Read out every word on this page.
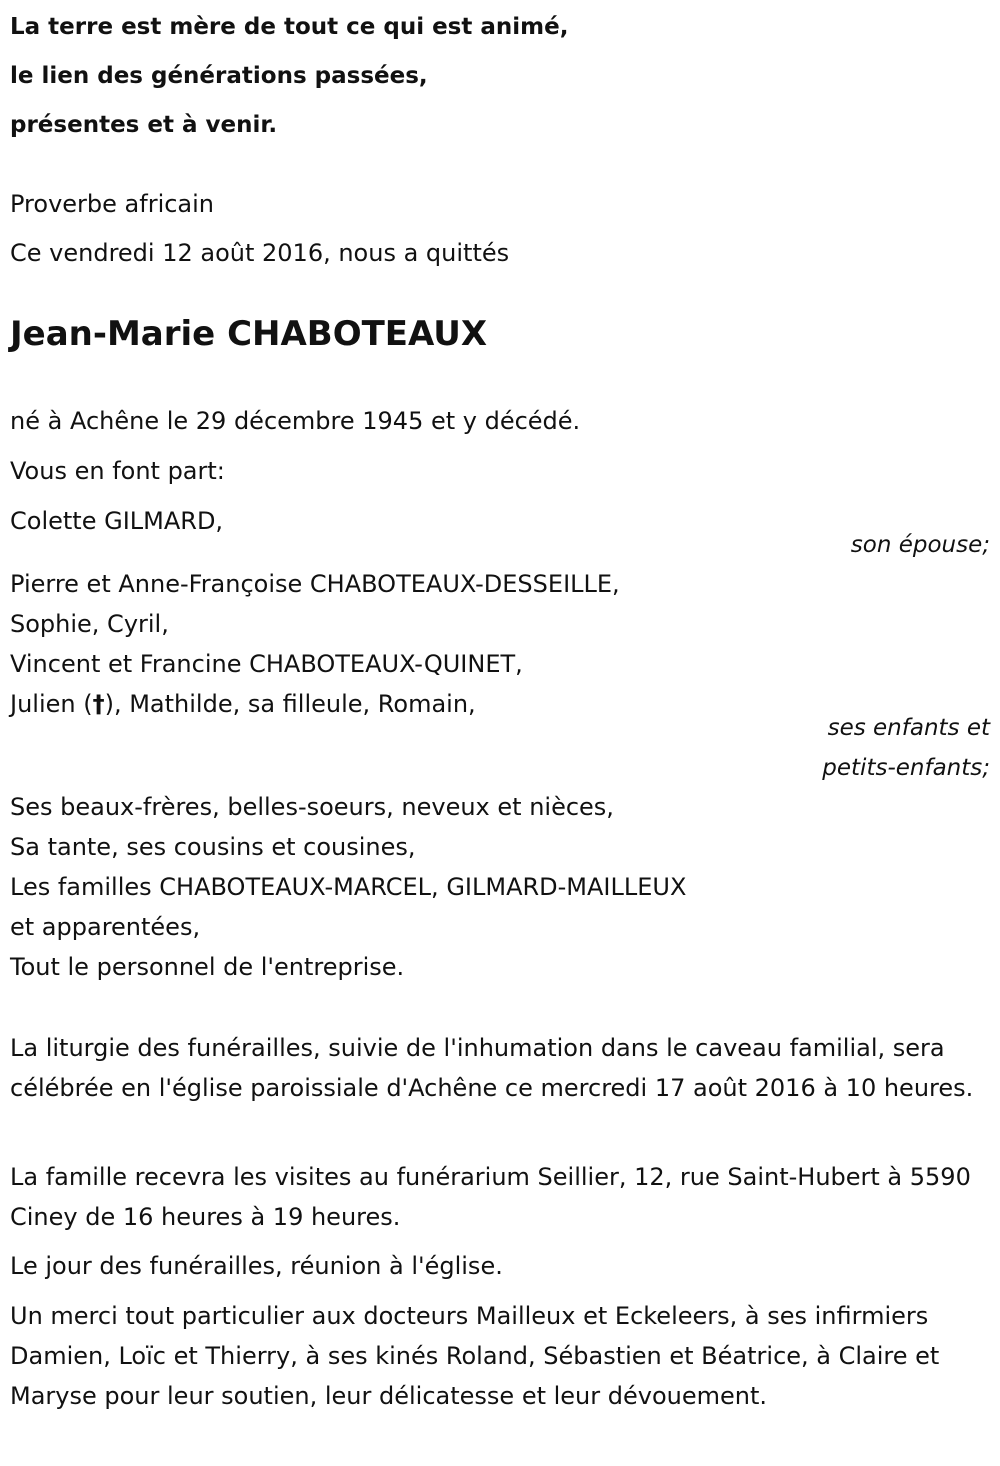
La terre est mère de tout ce qui est animé,
le lien des générations passées,
présentes et à venir.
Proverbe africain
Ce vendredi 12 août 2016, nous a quittés
Jean-Marie CHABOTEAUX
né à Achêne le 29 décembre 1945 et y décédé.
Vous en font part:
Colette GILMARD,
son épouse;
Pierre et Anne-Françoise CHABOTEAUX-DESSEILLE,
Sophie, Cyril,
Vincent et Francine CHABOTEAUX-QUINET,
Julien (†), Mathilde, sa filleule, Romain,
ses enfants et
petits-enfants;
Ses beaux-frères, belles-soeurs, neveux et nièces,
Sa tante, ses cousins et cousines,
Les familles CHABOTEAUX-MARCEL, GILMARD-MAILLEUX
et apparentées,
Tout le personnel de l'entreprise.
La liturgie des funérailles, suivie de l'inhumation dans le caveau familial, sera célébrée en l'église paroissiale d'Achêne ce mercredi 17 août 2016 à 10 heures.
La famille recevra les visites au funérarium Seillier, 12, rue Saint-Hubert à 5590 Ciney de 16 heures à 19 heures.
Le jour des funérailles, réunion à l'église.
Un merci tout particulier aux docteurs Mailleux et Eckeleers, à ses infirmiers Damien, Loïc et Thierry, à ses kinés Roland, Sébastien et Béatrice, à Claire et Maryse pour leur soutien, leur délicatesse et leur dévouement.
